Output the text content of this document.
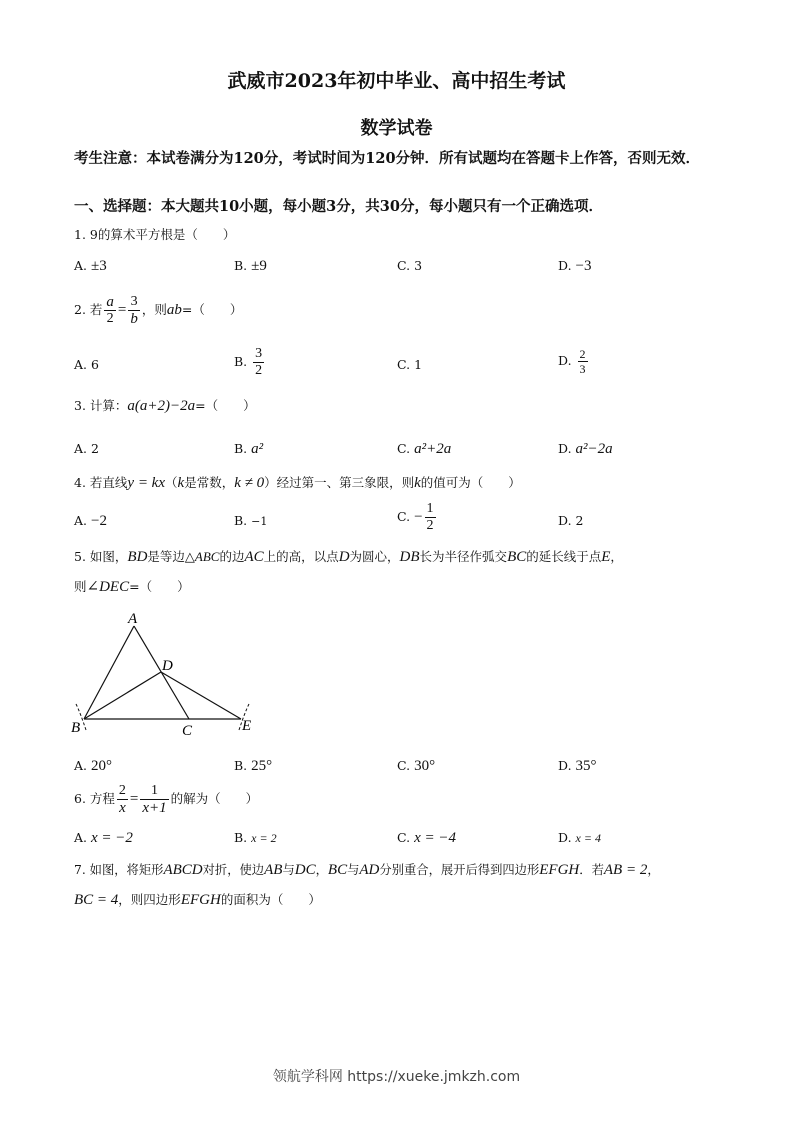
武威市2023年初中毕业、高中招生考试
数学试卷
考生注意：本试卷满分为120分，考试时间为120分钟．所有试题均在答题卡上作答，否则无效．
一、选择题：本大题共10小题，每小题3分，共30分，每小题只有一个正确选项．
1. 9的算术平方根是（　　）
A. ±3	B. ±9	C. 3	D. −3
2. 若 $\frac{a}{2} = \frac{3}{b}$ ，则ab=（　　）
A. 6	B. $\frac{3}{2}$	C. 1	D. $\frac{2}{3}$
3. 计算：a(a+2)−2a=（　　）
A. 2	B. a²	C. a²+2a	D. a²−2a
4. 若直线y = kx（k是常数，k ≠ 0）经过第一、第三象限，则k的值可为（　　）
A. −2	B. −1	C. − $\frac{1}{2}$	D. 2
5. 如图，BD是等边△ABC的边AC上的高，以点D为圆心，DB长为半径作弧交BC的延长线于点E，
则∠DEC=（　　）
A
B	C
D
E
A. 20°	B. 25°	C. 30°	D. 35°
6. 方程 $\frac{2}{x} = \frac{1}{x+1}$ 的解为（　　）
A. x = −2	B. x = 2	C. x = −4	D. x = 4
7. 如图，将矩形ABCD对折，使边AB与DC，BC与AD分别重合，展开后得到四边形EFGH．若AB = 2，
BC = 4，则四边形EFGH的面积为（　　）
领航学科网 https://xueke.jmkzh.com
